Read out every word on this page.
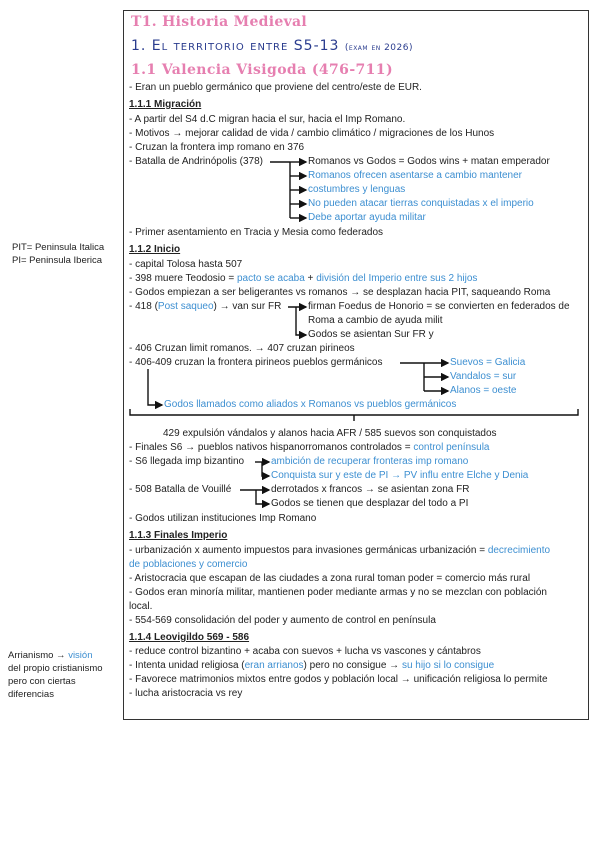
T1. Historia Medieval
1. El territorio entre S5-13 (exam en 2026)
1.1 Valencia Visigoda (476-711)
- Eran un pueblo germánico que proviene del centro/este de EUR.
1.1.1 Migración
- A partir del S4 d.C migran hacia el sur, hacia el Imp Romano.
- Motivos → mejorar calidad de vida / cambio climático / migraciones de los Hunos
- Cruzan la frontera imp romano en 376
- Batalla de Andrinópolis (378)	Romanos vs Godos = Godos wins + matan emperador
Romanos ofrecen asentarse a cambio mantener
costumbres y lenguas
No pueden atacar tierras conquistadas x el imperio
Debe aportar ayuda militar
- Primer asentamiento en Tracia y Mesia como federados
1.1.2 Inicio
- capital Tolosa hasta 507
- 398 muere Teodosio = pacto se acaba + división del Imperio entre sus 2 hijos
- Godos empiezan a ser beligerantes vs romanos → se desplazan hacia PIT, saqueando Roma
- 418 (Post saqueo) → van sur FR	firman Foedus de Honorio = se convierten en federados de
Roma a cambio de ayuda milit
Godos se asientan Sur FR y
- 406 Cruzan limit romanos. → 407 cruzan pirineos
- 406-409 cruzan la frontera pirineos pueblos germánicos	Suevos = Galicia
Vandalos = sur
Alanos = oeste
Godos llamados como aliados x Romanos vs pueblos germánicos
429 expulsión vándalos y alanos hacia AFR / 585 suevos son conquistados
- Finales S6 → pueblos nativos hispanorromanos controlados = control península
- S6 llegada imp bizantino	ambición de recuperar fronteras imp romano
Conquista sur y este de PI → PV influ entre Elche y Denia
- 508 Batalla de Vouillé	derrotados x francos → se asientan zona FR
Godos se tienen que desplazar del todo a PI
- Godos utilizan instituciones Imp Romano
1.1.3 Finales Imperio
- urbanización x aumento impuestos para invasiones germánicas urbanización = decrecimiento
de poblaciones y comercio
- Aristocracia que escapan de las ciudades a zona rural toman poder = comercio más rural
- Godos eran minoría militar, mantienen poder mediante armas y no se mezclan con población
local.
- 554-569 consolidación del poder y aumento de control en península
1.1.4 Leovigildo 569 - 586
- reduce control bizantino + acaba con suevos + lucha vs vascones y cántabros
- Intenta unidad religiosa (eran arrianos) pero no consigue → su hijo si lo consigue
- Favorece matrimonios mixtos entre godos y población local → unificación religiosa lo permite
- lucha aristocracia vs rey
PIT= Peninsula Italica
PI= Peninsula Iberica
Arrianismo → visión
del propio cristianismo
pero con ciertas
diferencias
